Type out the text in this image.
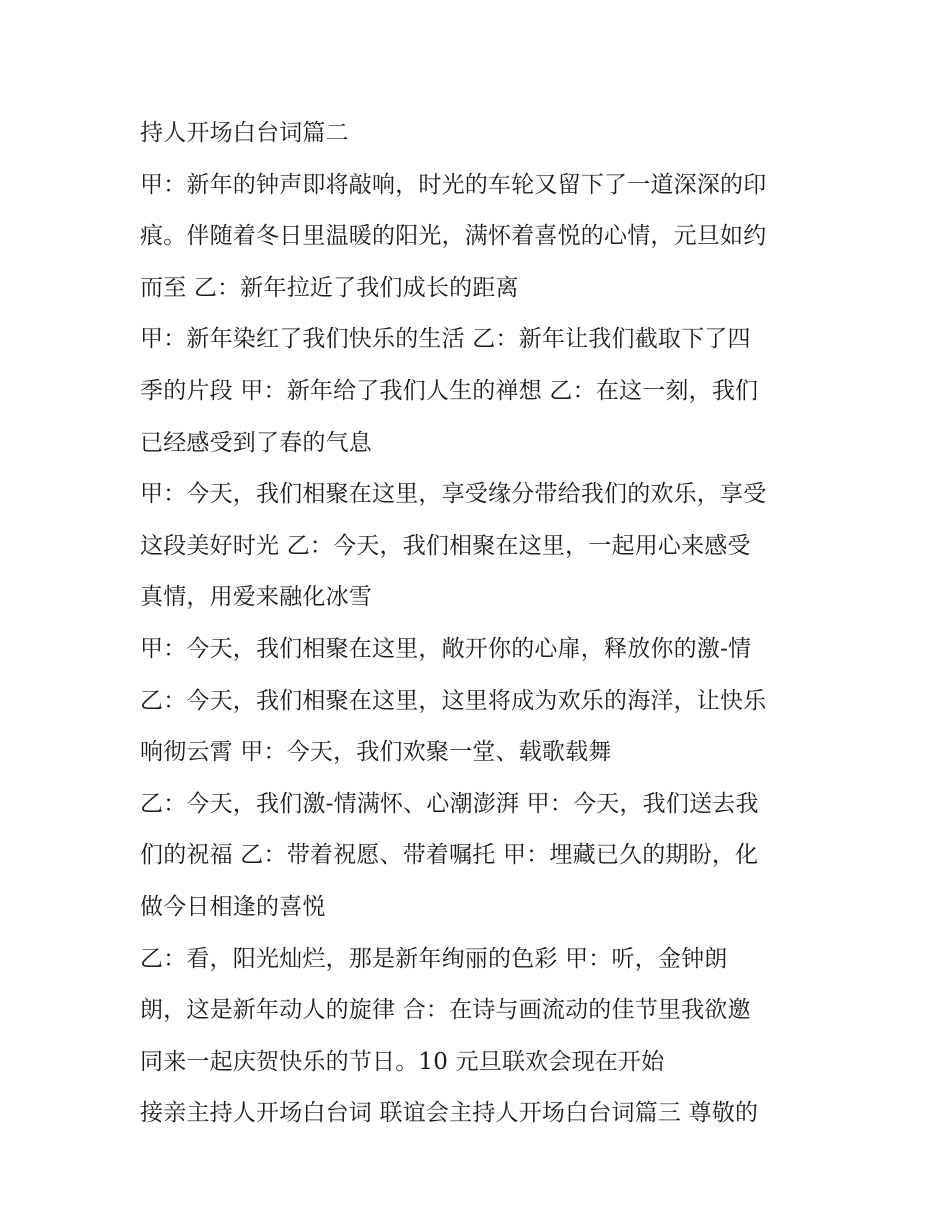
持人开场白台词篇二
甲：新年的钟声即将敲响，时光的车轮又留下了一道深深的印
痕。伴随着冬日里温暖的阳光，满怀着喜悦的心情，元旦如约
而至 乙：新年拉近了我们成长的距离
甲：新年染红了我们快乐的生活 乙：新年让我们截取下了四
季的片段 甲：新年给了我们人生的禅想 乙：在这一刻，我们
已经感受到了春的气息
甲：今天，我们相聚在这里，享受缘分带给我们的欢乐，享受
这段美好时光 乙：今天，我们相聚在这里，一起用心来感受
真情，用爱来融化冰雪
甲：今天，我们相聚在这里，敞开你的心扉，释放你的激-情
乙：今天，我们相聚在这里，这里将成为欢乐的海洋，让快乐
响彻云霄 甲：今天，我们欢聚一堂、载歌载舞
乙：今天，我们激-情满怀、心潮澎湃 甲：今天，我们送去我
们的祝福 乙：带着祝愿、带着嘱托 甲：埋藏已久的期盼，化
做今日相逢的喜悦
乙：看，阳光灿烂，那是新年绚丽的色彩 甲：听，金钟朗
朗，这是新年动人的旋律 合：在诗与画流动的佳节里我欲邀
同来一起庆贺快乐的节日。10 元旦联欢会现在开始
接亲主持人开场白台词 联谊会主持人开场白台词篇三 尊敬的
